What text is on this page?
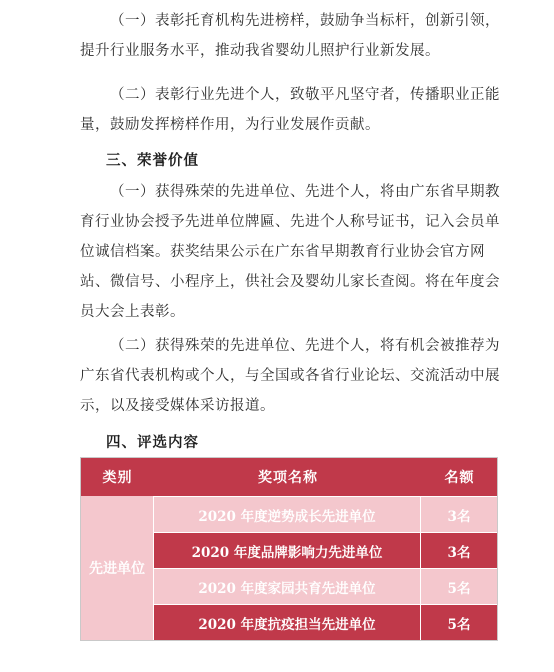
（一）表彰托育机构先进榜样，鼓励争当标杆，创新引领，提升行业服务水平，推动我省婴幼儿照护行业新发展。

（二）表彰行业先进个人，致敬平凡坚守者，传播职业正能量，鼓励发挥榜样作用，为行业发展作贡献。

三、荣誉价值

（一）获得殊荣的先进单位、先进个人，将由广东省早期教育行业协会授予先进单位牌匾、先进个人称号证书，记入会员单位诚信档案。获奖结果公示在广东省早期教育行业协会官方网站、微信号、小程序上，供社会及婴幼儿家长查阅。将在年度会员大会上表彰。

（二）获得殊荣的先进单位、先进个人，将有机会被推荐为广东省代表机构或个人，与全国或各省行业论坛、交流活动中展示，以及接受媒体采访报道。

四、评选内容
类别	奖项名称	名额
先进单位
2020 年度逆势成长先进单位	3名
2020 年度品牌影响力先进单位	3名
2020 年度家园共育先进单位	5名
2020 年度抗疫担当先进单位	5名
